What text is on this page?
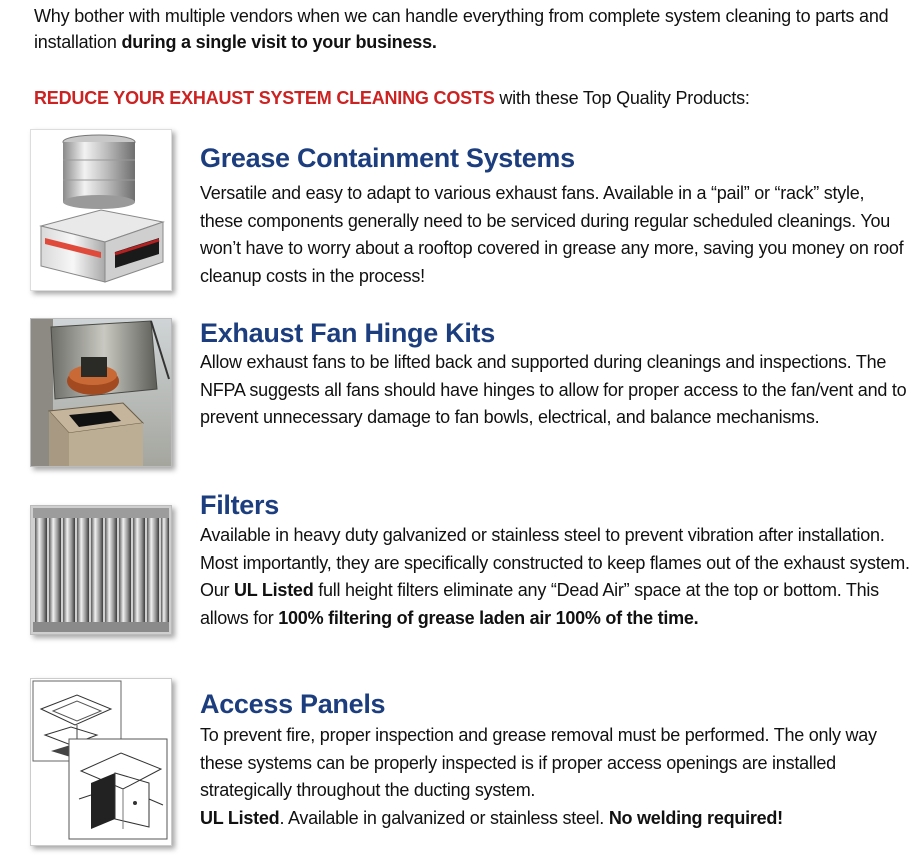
Why bother with multiple vendors when we can handle everything from complete system cleaning to parts and installation during a single visit to your business.
REDUCE YOUR EXHAUST SYSTEM CLEANING COSTS with these Top Quality Products:
Grease Containment Systems
Versatile and easy to adapt to various exhaust fans. Available in a “pail” or “rack” style, these components generally need to be serviced during regular scheduled cleanings. You won’t have to worry about a rooftop covered in grease any more, saving you money on roof cleanup costs in the process!
Exhaust Fan Hinge Kits
Allow exhaust fans to be lifted back and supported during cleanings and inspections. The NFPA suggests all fans should have hinges to allow for proper access to the fan/vent and to prevent unnecessary damage to fan bowls, electrical, and balance mechanisms.
Filters
Available in heavy duty galvanized or stainless steel to prevent vibration after installation. Most importantly, they are specifically constructed to keep flames out of the exhaust system. Our UL Listed full height filters eliminate any “Dead Air” space at the top or bottom. This allows for 100% filtering of grease laden air 100% of the time.
Access Panels
To prevent fire, proper inspection and grease removal must be performed. The only way these systems can be properly inspected is if proper access openings are installed strategically throughout the ducting system.
UL Listed. Available in galvanized or stainless steel. No welding required!
